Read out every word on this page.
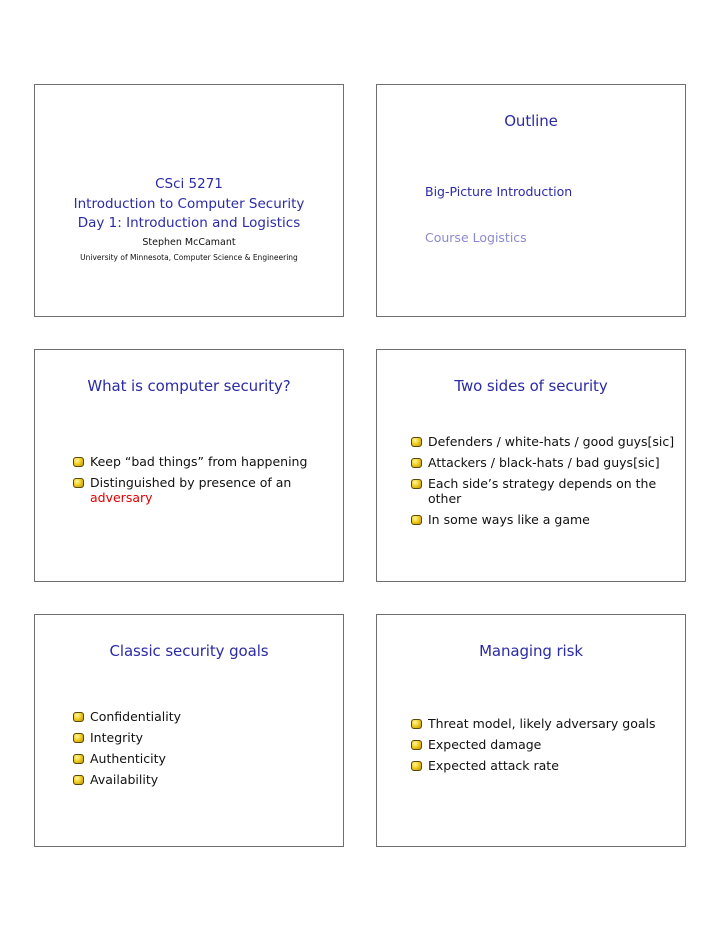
CSci 5271
Introduction to Computer Security
Day 1: Introduction and Logistics
Stephen McCamant
University of Minnesota, Computer Science & Engineering
Outline
Big-Picture Introduction
Course Logistics
What is computer security?
Keep “bad things” from happening
Distinguished by presence of an
adversary
Two sides of security
Defenders / white-hats / good guys[sic]
Attackers / black-hats / bad guys[sic]
Each side’s strategy depends on the
other
In some ways like a game
Classic security goals
Confidentiality
Integrity
Authenticity
Availability
Managing risk
Threat model, likely adversary goals
Expected damage
Expected attack rate
